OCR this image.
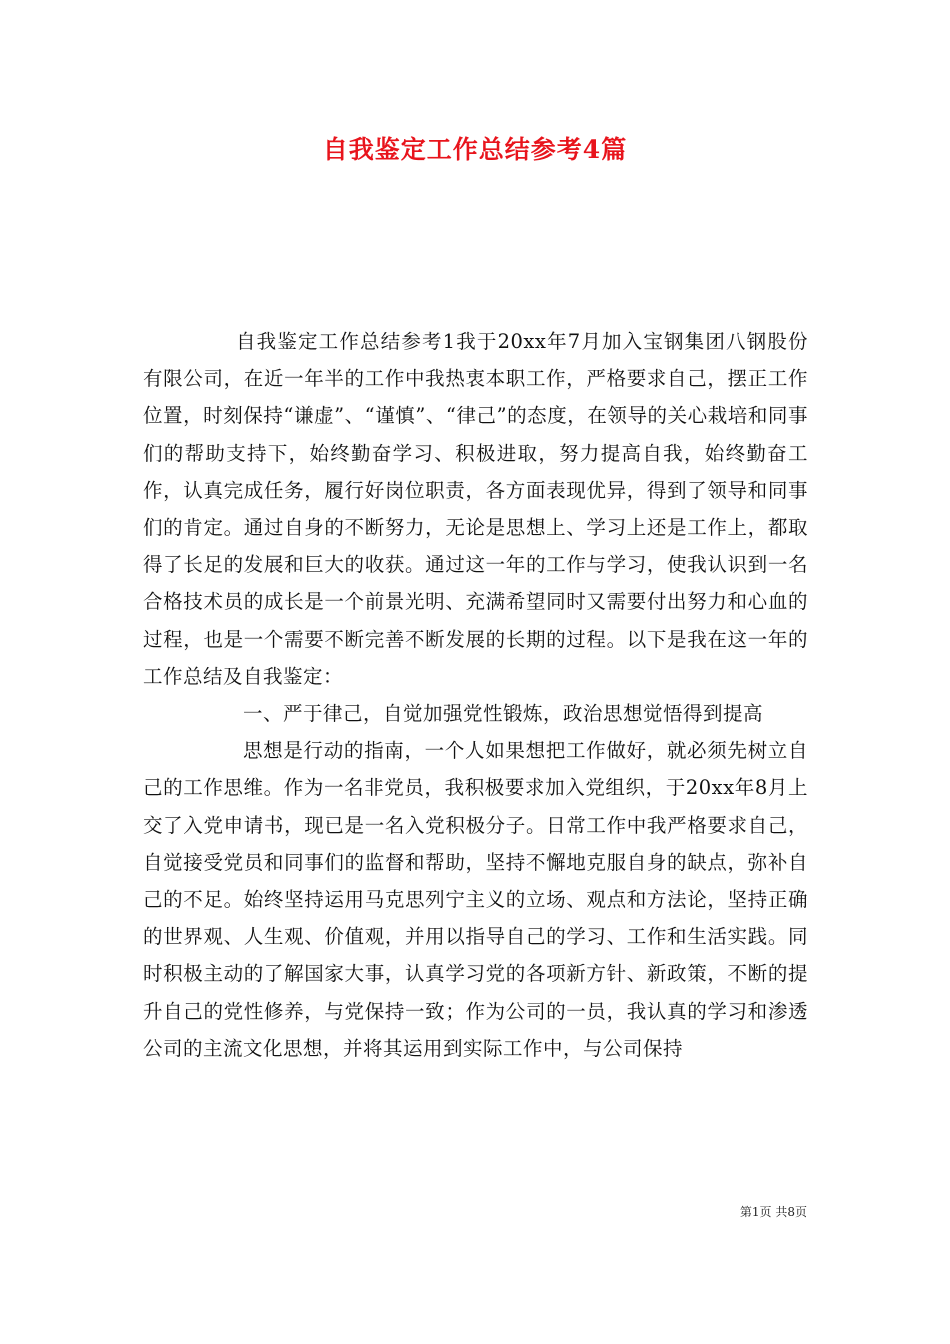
自我鉴定工作总结参考4篇

自我鉴定工作总结参考1我于20xx年7月加入宝钢集团八钢股份有限公司，在近一年半的工作中我热衷本职工作，严格要求自己，摆正工作位置，时刻保持“谦虚”、“谨慎”、“律己”的态度，在领导的关心栽培和同事们的帮助支持下，始终勤奋学习、积极进取，努力提高自我，始终勤奋工作，认真完成任务，履行好岗位职责，各方面表现优异，得到了领导和同事们的肯定。通过自身的不断努力，无论是思想上、学习上还是工作上，都取得了长足的发展和巨大的收获。通过这一年的工作与学习，使我认识到一名合格技术员的成长是一个前景光明、充满希望同时又需要付出努力和心血的过程，也是一个需要不断完善不断发展的长期的过程。以下是我在这一年的工作总结及自我鉴定：

一、严于律己，自觉加强党性锻炼，政治思想觉悟得到提高

思想是行动的指南，一个人如果想把工作做好，就必须先树立自己的工作思维。作为一名非党员，我积极要求加入党组织，于20xx年8月上交了入党申请书，现已是一名入党积极分子。日常工作中我严格要求自己，自觉接受党员和同事们的监督和帮助，坚持不懈地克服自身的缺点，弥补自己的不足。始终坚持运用马克思列宁主义的立场、观点和方法论，坚持正确的世界观、人生观、价值观，并用以指导自己的学习、工作和生活实践。同时积极主动的了解国家大事，认真学习党的各项新方针、新政策，不断的提升自己的党性修养，与党保持一致；作为公司的一员，我认真的学习和渗透公司的主流文化思想，并将其运用到实际工作中，与公司保持

第1页 共8页
